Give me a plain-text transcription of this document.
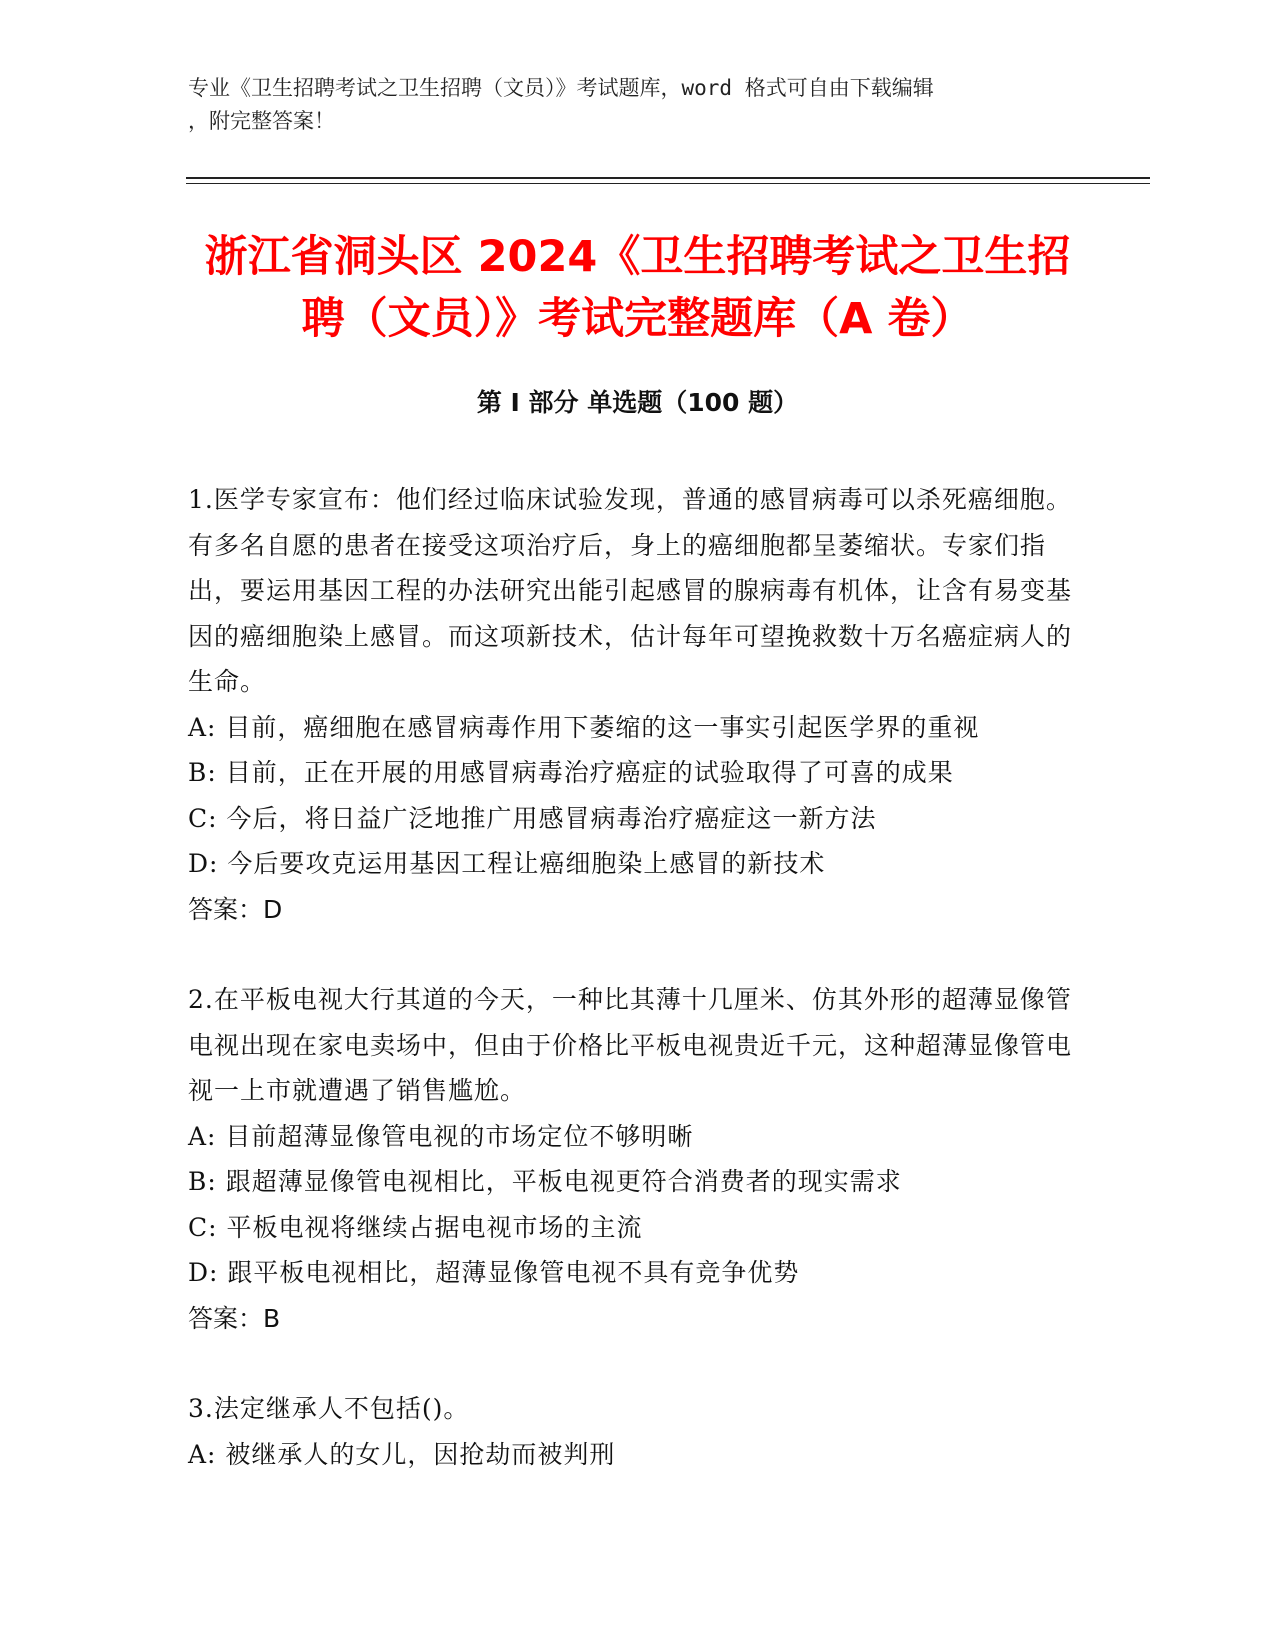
专业《卫生招聘考试之卫生招聘（文员）》考试题库，word 格式可自由下载编辑
，附完整答案！
浙江省洞头区 2024《卫生招聘考试之卫生招
聘（文员）》考试完整题库（A 卷）
第 I 部分 单选题（100 题）

1.医学专家宣布：他们经过临床试验发现，普通的感冒病毒可以杀死癌细胞。有多名自愿的患者在接受这项治疗后，身上的癌细胞都呈萎缩状。专家们指出，要运用基因工程的办法研究出能引起感冒的腺病毒有机体，让含有易变基因的癌细胞染上感冒。而这项新技术，估计每年可望挽救数十万名癌症病人的生命。

A: 目前，癌细胞在感冒病毒作用下萎缩的这一事实引起医学界的重视

B: 目前，正在开展的用感冒病毒治疗癌症的试验取得了可喜的成果

C: 今后，将日益广泛地推广用感冒病毒治疗癌症这一新方法

D: 今后要攻克运用基因工程让癌细胞染上感冒的新技术

答案：D

2.在平板电视大行其道的今天，一种比其薄十几厘米、仿其外形的超薄显像管电视出现在家电卖场中，但由于价格比平板电视贵近千元，这种超薄显像管电视一上市就遭遇了销售尴尬。

A: 目前超薄显像管电视的市场定位不够明晰

B: 跟超薄显像管电视相比，平板电视更符合消费者的现实需求

C: 平板电视将继续占据电视市场的主流

D: 跟平板电视相比，超薄显像管电视不具有竞争优势

答案：B

3.法定继承人不包括()。

A: 被继承人的女儿，因抢劫而被判刑
